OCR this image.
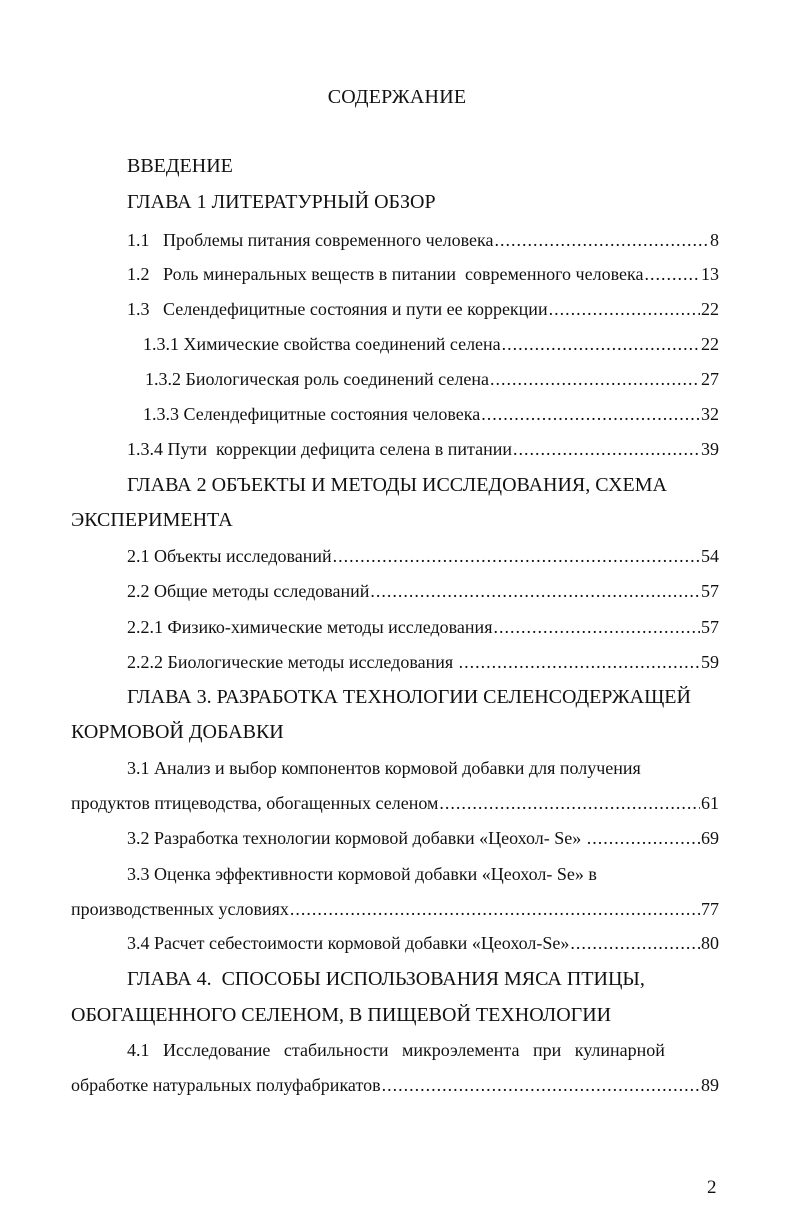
СОДЕРЖАНИЕ
ВВЕДЕНИЕ
ГЛАВА 1 ЛИТЕРАТУРНЫЙ ОБЗОР
1.1   Проблемы питания современного человека .....	8
1.2   Роль минеральных веществ в питании  современного человека .....	13
1.3   Селендефицитные состояния и пути ее коррекции .....	22
1.3.1 Химические свойства соединений селена .....	22
1.3.2 Биологическая роль соединений селена .....	27
1.3.3 Селендефицитные состояния человека .....	32
1.3.4 Пути  коррекции дефицита селена в питании .....	39
ГЛАВА 2 ОБЪЕКТЫ И МЕТОДЫ ИССЛЕДОВАНИЯ, СХЕМА
ЭКСПЕРИМЕНТА
2.1 Объекты исследований .....	54
2.2 Общие методы сследований .....	57
2.2.1 Физико-химические методы исследования .....	57
2.2.2 Биологические методы исследования .....	59
ГЛАВА 3. РАЗРАБОТКА ТЕХНОЛОГИИ СЕЛЕНСОДЕРЖАЩЕЙ
КОРМОВОЙ ДОБАВКИ
3.1 Анализ и выбор компонентов кормовой добавки для получения
продуктов птицеводства, обогащенных селеном .....	61
3.2 Разработка технологии кормовой добавки «Цеохол- Se» .....	69
3.3 Оценка эффективности кормовой добавки «Цеохол- Se» в
производственных условиях .....	77
3.4 Расчет себестоимости кормовой добавки «Цеохол-Se» .....	80
ГЛАВА 4.  СПОСОБЫ ИСПОЛЬЗОВАНИЯ МЯСА ПТИЦЫ,
ОБОГАЩЕННОГО СЕЛЕНОМ, В ПИЩЕВОЙ ТЕХНОЛОГИИ
4.1   Исследование   стабильности   микроэлемента   при   кулинарной
обработке натуральных полуфабрикатов .....	89
2
